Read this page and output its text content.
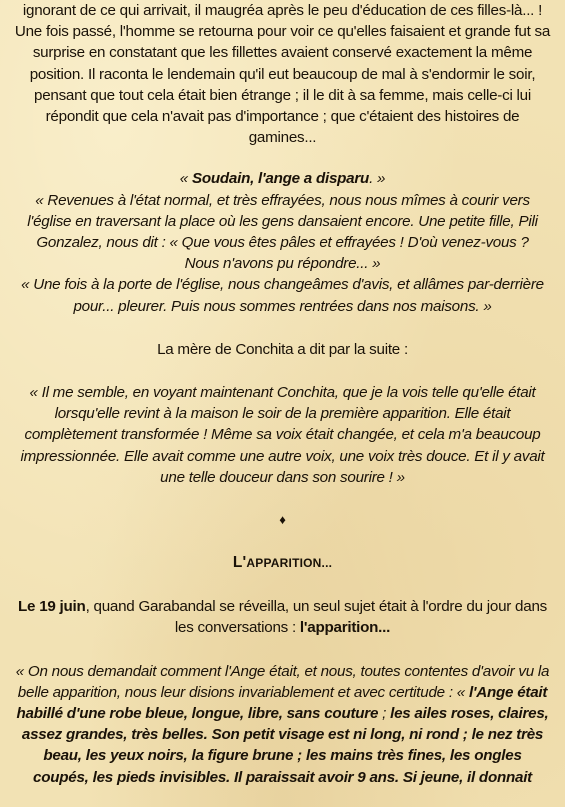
ignorant de ce qui arrivait, il maugréa après le peu d'éducation de ces filles-là... !

Une fois passé, l'homme se retourna pour voir ce qu'elles faisaient et grande fut sa

surprise en constatant que les fillettes avaient conservé exactement la même

position. Il raconta le lendemain qu'il eut beaucoup de mal à s'endormir le soir,

pensant que tout cela était bien étrange ; il le dit à sa femme, mais celle-ci lui

répondit que cela n'avait pas d'importance ; que c'étaient des histoires de

gamines...

« Soudain, l'ange a disparu. »

« Revenues à l'état normal, et très effrayées, nous nous mîmes à courir vers

l'église en traversant la place où les gens dansaient encore. Une petite fille, Pili

Gonzalez, nous dit : « Que vous êtes pâles et effrayées ! D'où venez-vous ?

Nous n'avons pu répondre... »

« Une fois à la porte de l'église, nous changeâmes d'avis, et allâmes par-derrière

pour... pleurer. Puis nous sommes rentrées dans nos maisons. »

La mère de Conchita a dit par la suite :

« Il me semble, en voyant maintenant Conchita, que je la vois telle qu'elle était

lorsqu'elle revint à la maison le soir de la première apparition. Elle était

complètement transformée ! Même sa voix était changée, et cela m'a beaucoup

impressionnée. Elle avait comme une autre voix, une voix très douce. Et il y avait

une telle douceur dans son sourire ! »

♦

L'APPARITION...

Le 19 juin, quand Garabandal se réveilla, un seul sujet était à l'ordre du jour dans

les conversations : l'apparition...

« On nous demandait comment l'Ange était, et nous, toutes contentes d'avoir vu la

belle apparition, nous leur disions invariablement et avec certitude : « l'Ange était

habillé d'une robe bleue, longue, libre, sans couture ; les ailes roses, claires,

assez grandes, très belles. Son petit visage est ni long, ni rond ; le nez très

beau, les yeux noirs, la figure brune ; les mains très fines, les ongles

coupés, les pieds invisibles. Il paraissait avoir 9 ans. Si jeune, il donnait
